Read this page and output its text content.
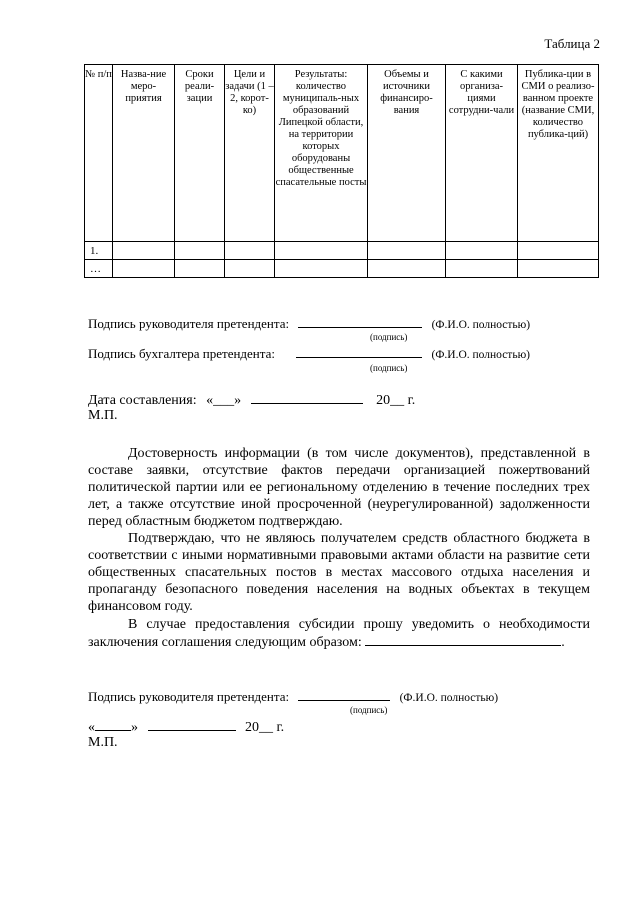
Таблица 2
№ п/п	Назва-ние меро-приятия	Сроки реали-зации	Цели и задачи (1 – 2, корот-ко)	Результаты: количество муниципаль-ных образований Липецкой области, на территории которых оборудованы общественные спасательные посты	Объемы и источники финансиро-вания	С какими организа-циями сотрудни-чали	Публика-ции в СМИ о реализо-ванном проекте (название СМИ, количество публика-ций)
1.							
…							
Подпись руководителя претендента:	(Ф.И.О. полностью)
(подпись)
Подпись бухгалтера претендента:	(Ф.И.О. полностью)
(подпись)
Дата составления: «___»	20__ г.
М.П.

Достоверность информации (в том числе документов), представленной в составе заявки, отсутствие фактов передачи организацией пожертвований политической партии или ее региональному отделению в течение последних трех лет, а также отсутствие иной просроченной (неурегулированной) задолженности перед областным бюджетом подтверждаю.

Подтверждаю, что не являюсь получателем средств областного бюджета в соответствии с иными нормативными правовыми актами области на развитие сети общественных спасательных постов в местах массового отдыха населения и пропаганду безопасного поведения населения на водных объектах в текущем финансовом году.

В случае предоставления субсидии прошу уведомить о необходимости заключения соглашения следующим образом:	.

Подпись руководителя претендента:	(Ф.И.О. полностью)
(подпись)
«	»	20__ г.
М.П.
